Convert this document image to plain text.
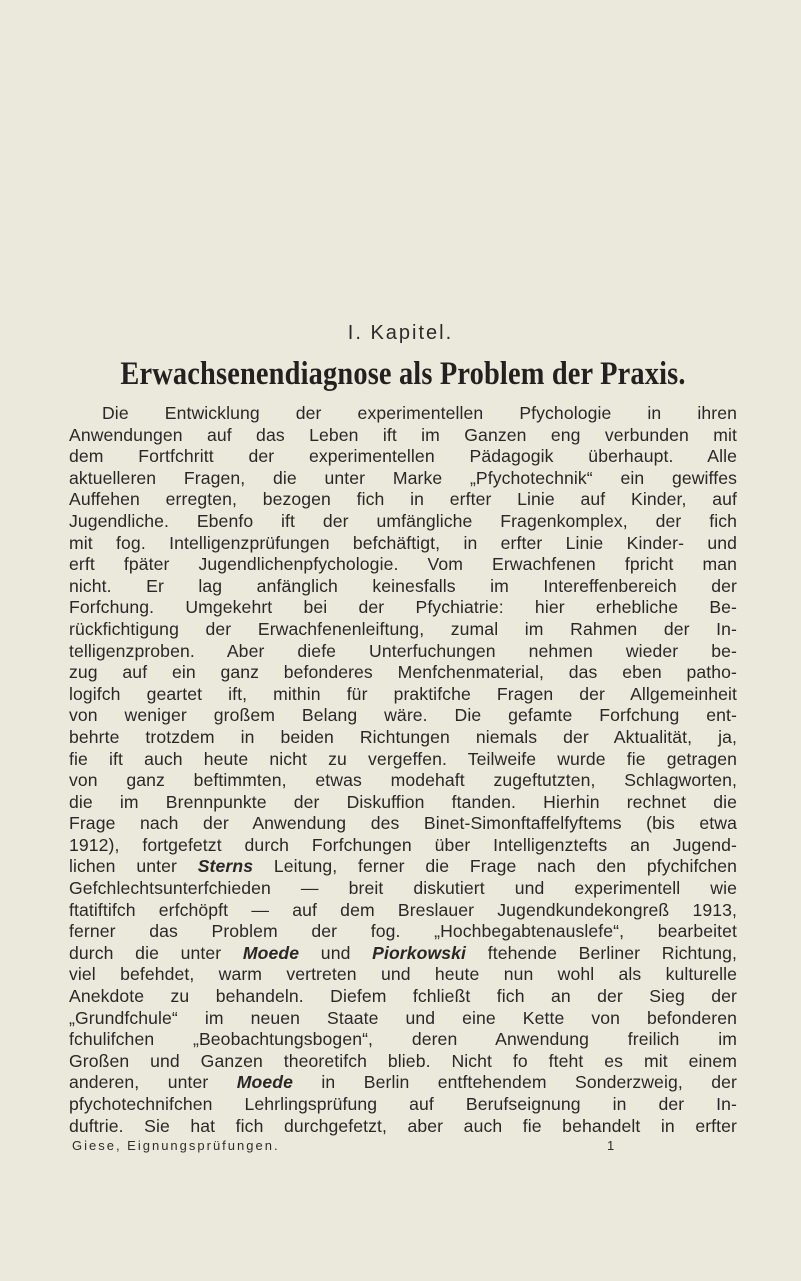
I. Kapitel.
Erwachsenendiagnose als Problem der Praxis.
Die Entwicklung der experimentellen Pfychologie in ihren
Anwendungen auf das Leben ift im Ganzen eng verbunden mit
dem Fortfchritt der experimentellen Pädagogik überhaupt. Alle
aktuelleren Fragen, die unter Marke „Pfychotechnik“ ein gewiffes
Auffehen erregten, bezogen fich in erfter Linie auf Kinder, auf
Jugendliche. Ebenfo ift der umfängliche Fragenkomplex, der fich
mit fog. Intelligenzprüfungen befchäftigt, in erfter Linie Kinder- und
erft fpäter Jugendlichenpfychologie. Vom Erwachfenen fpricht man
nicht. Er lag anfänglich keinesfalls im Intereffenbereich der
Forfchung. Umgekehrt bei der Pfychiatrie: hier erhebliche Be-
rückfichtigung der Erwachfenenleiftung, zumal im Rahmen der In-
telligenzproben. Aber diefe Unterfuchungen nehmen wieder be-
zug auf ein ganz befonderes Menfchenmaterial, das eben patho-
logifch geartet ift, mithin für praktifche Fragen der Allgemeinheit
von weniger großem Belang wäre. Die gefamte Forfchung ent-
behrte trotzdem in beiden Richtungen niemals der Aktualität, ja,
fie ift auch heute nicht zu vergeffen. Teilweife wurde fie getragen
von ganz beftimmten, etwas modehaft zugeftutzten, Schlagworten,
die im Brennpunkte der Diskuffion ftanden. Hierhin rechnet die
Frage nach der Anwendung des Binet-Simonftaffelfyftems (bis etwa
1912), fortgefetzt durch Forfchungen über Intelligenztefts an Jugend-
lichen unter Sterns Leitung, ferner die Frage nach den pfychifchen
Gefchlechtsunterfchieden — breit diskutiert und experimentell wie
ftatiftifch erfchöpft — auf dem Breslauer Jugendkundekongreß 1913,
ferner das Problem der fog. „Hochbegabtenauslefe“, bearbeitet
durch die unter Moede und Piorkowski ftehende Berliner Richtung,
viel befehdet, warm vertreten und heute nun wohl als kulturelle
Anekdote zu behandeln. Diefem fchließt fich an der Sieg der
„Grundfchule“ im neuen Staate und eine Kette von befonderen
fchulifchen „Beobachtungsbogen“, deren Anwendung freilich im
Großen und Ganzen theoretifch blieb. Nicht fo fteht es mit einem
anderen, unter Moede in Berlin entftehendem Sonderzweig, der
pfychotechnifchen Lehrlingsprüfung auf Berufseignung in der In-
duftrie. Sie hat fich durchgefetzt, aber auch fie behandelt in erfter
Giese, Eignungsprüfungen.	1
